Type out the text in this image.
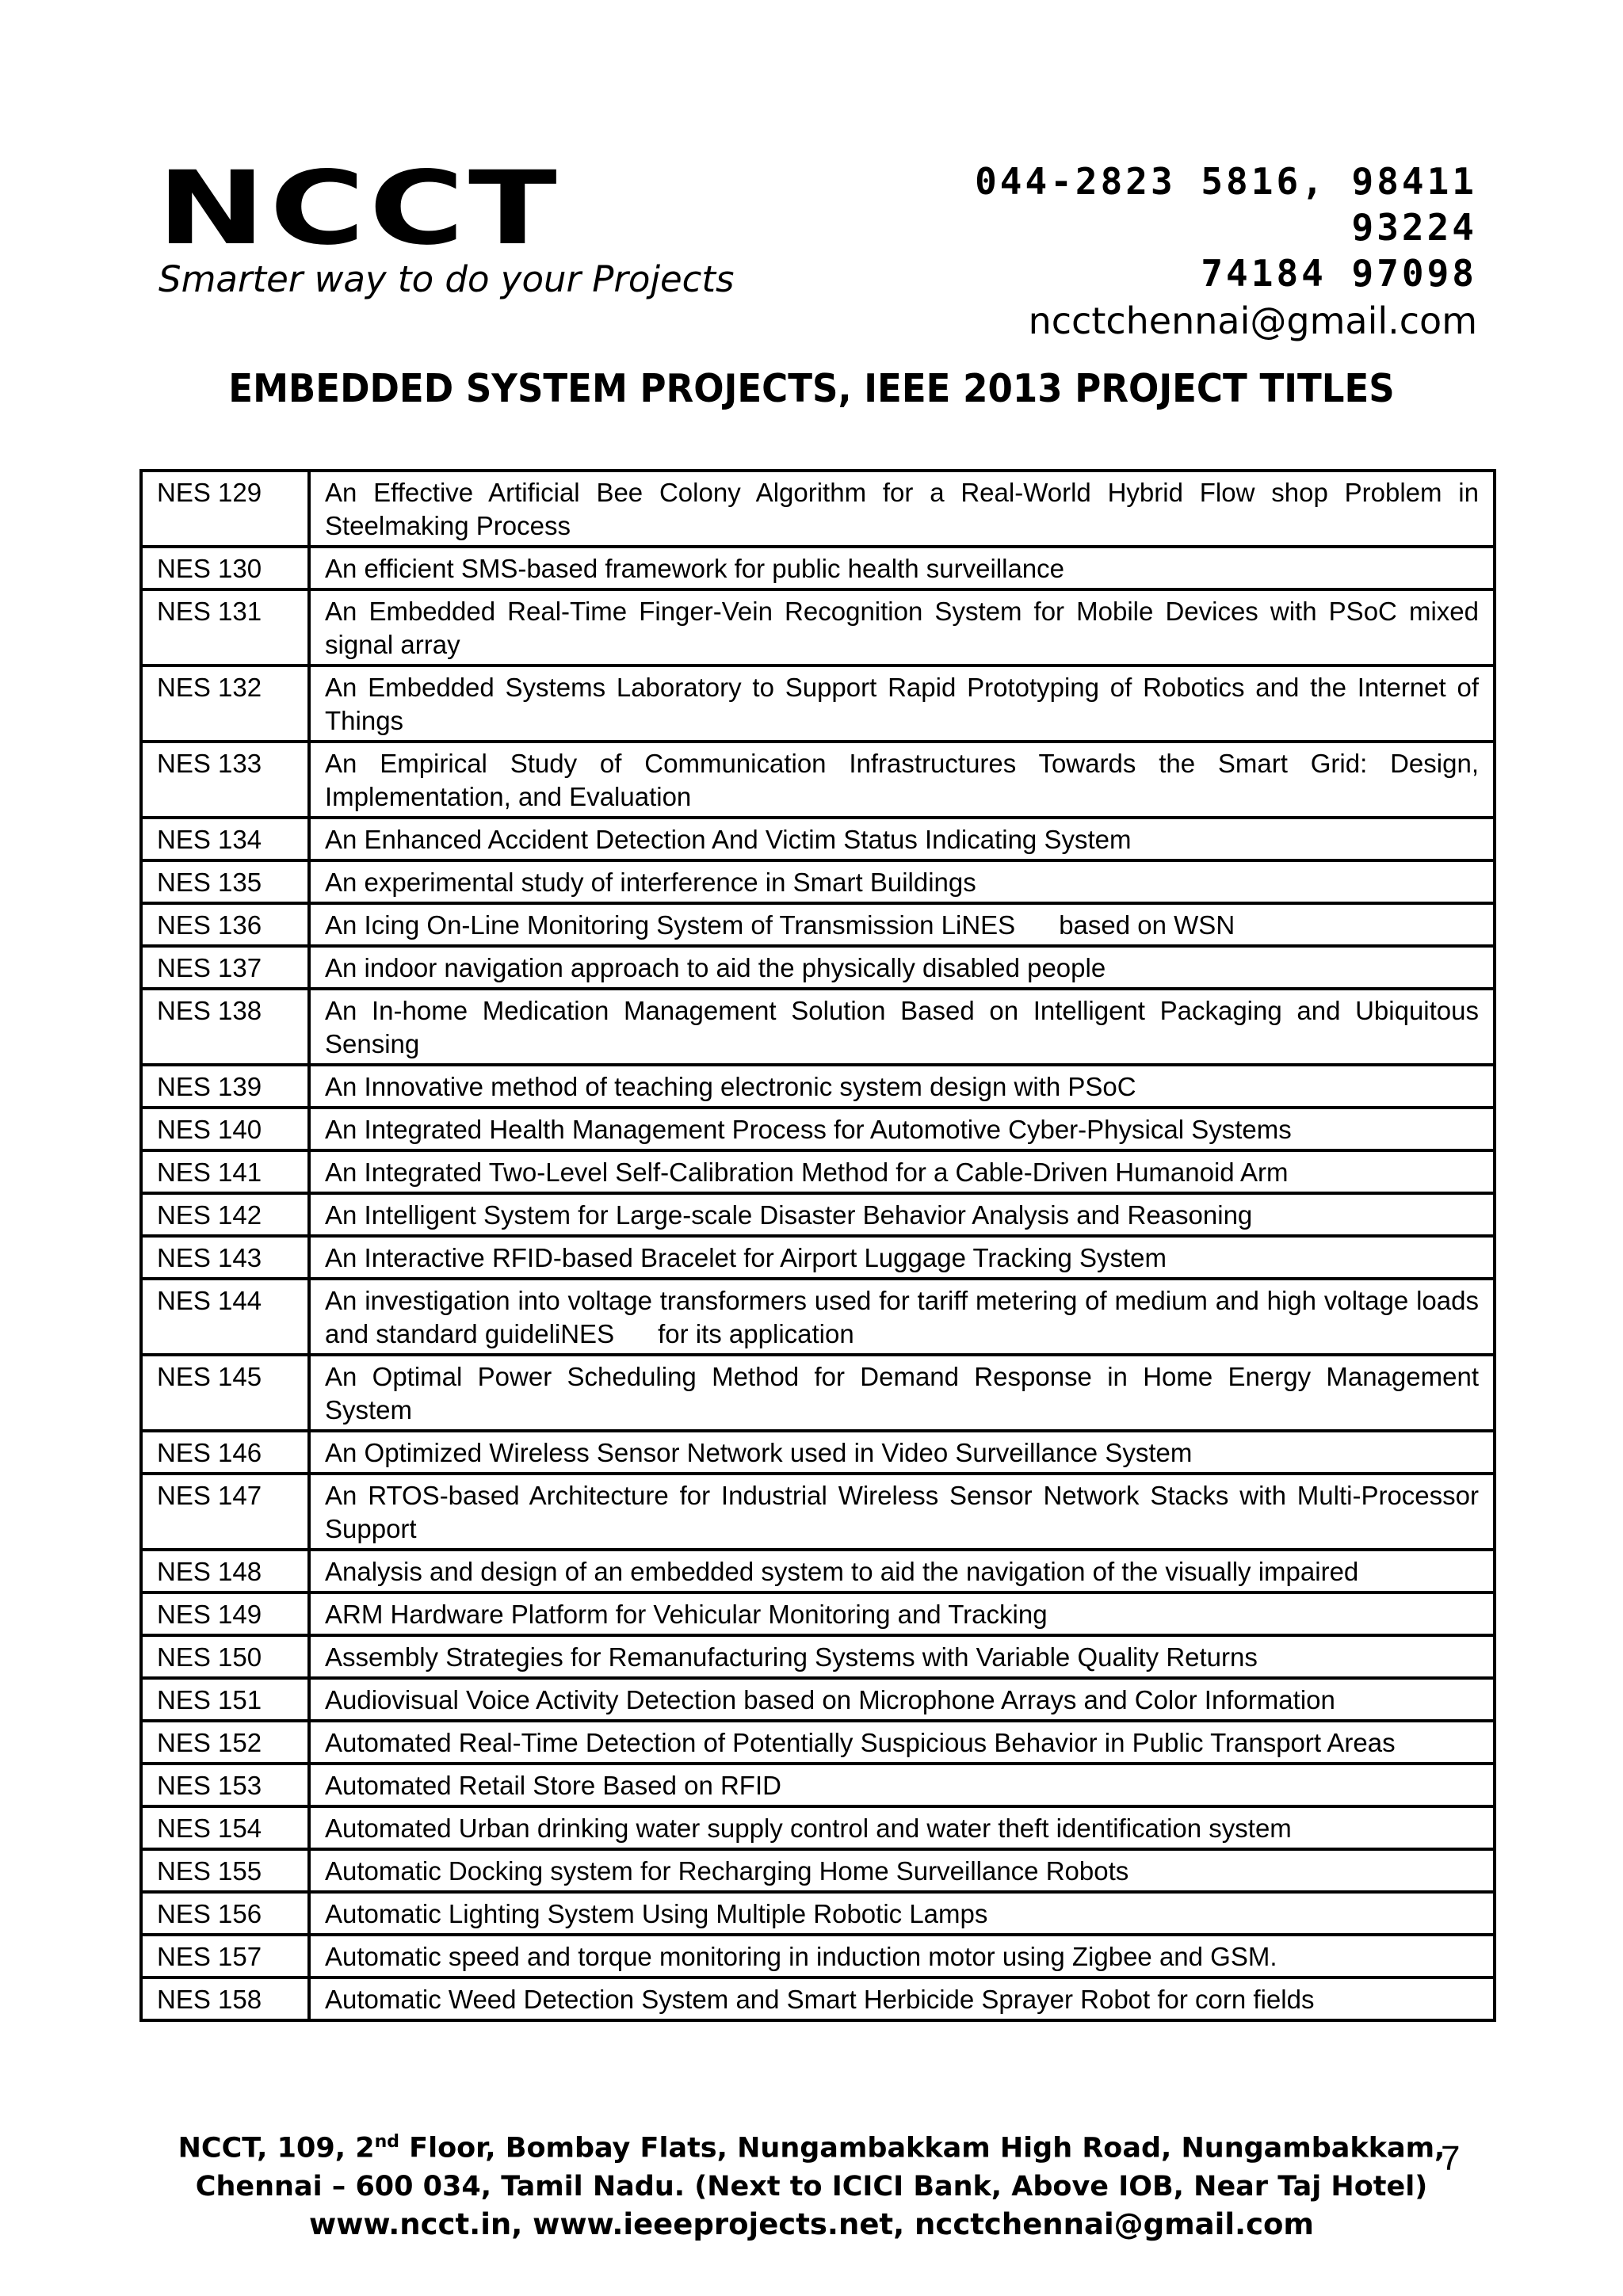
NCCT
Smarter way to do your Projects
044-2823 5816, 98411 93224
74184 97098
ncctchennai@gmail.com
EMBEDDED SYSTEM PROJECTS, IEEE 2013 PROJECT TITLES
NES 129	An Effective Artificial Bee Colony Algorithm for a Real-World Hybrid Flow shop Problem in Steelmaking Process
NES 130	An efficient SMS-based framework for public health surveillance
NES 131	An Embedded Real-Time Finger-Vein Recognition System for Mobile Devices with PSoC mixed signal array
NES 132	An Embedded Systems Laboratory to Support Rapid Prototyping of Robotics and the Internet of Things
NES 133	An Empirical Study of Communication Infrastructures Towards the Smart Grid: Design, Implementation, and Evaluation
NES 134	An Enhanced Accident Detection And Victim Status Indicating System
NES 135	An experimental study of interference in Smart Buildings
NES 136	An Icing On-Line Monitoring System of Transmission LiNES      based on WSN
NES 137	An indoor navigation approach to aid the physically disabled people
NES 138	An In-home Medication Management Solution Based on Intelligent Packaging and Ubiquitous Sensing
NES 139	An Innovative method of teaching electronic system design with PSoC
NES 140	An Integrated Health Management Process for Automotive Cyber-Physical Systems
NES 141	An Integrated Two-Level Self-Calibration Method for a Cable-Driven Humanoid Arm
NES 142	An Intelligent System for Large-scale Disaster Behavior Analysis and Reasoning
NES 143	An Interactive RFID-based Bracelet for Airport Luggage Tracking System
NES 144	An investigation into voltage transformers used for tariff metering of medium and high voltage loads and standard guideliNES      for its application
NES 145	An Optimal Power Scheduling Method for Demand Response in Home Energy Management System
NES 146	An Optimized Wireless Sensor Network used in Video Surveillance System
NES 147	An RTOS-based Architecture for Industrial Wireless Sensor Network Stacks with Multi-Processor Support
NES 148	Analysis and design of an embedded system to aid the navigation of the visually impaired
NES 149	ARM Hardware Platform for Vehicular Monitoring and Tracking
NES 150	Assembly Strategies for Remanufacturing Systems with Variable Quality Returns
NES 151	Audiovisual Voice Activity Detection based on Microphone Arrays and Color Information
NES 152	Automated Real-Time Detection of Potentially Suspicious Behavior in Public Transport Areas
NES 153	Automated Retail Store Based on RFID
NES 154	Automated Urban drinking water supply control and water theft identification system
NES 155	Automatic Docking system for Recharging Home Surveillance Robots
NES 156	Automatic Lighting System Using Multiple Robotic Lamps
NES 157	Automatic speed and torque monitoring in induction motor using Zigbee and GSM.
NES 158	Automatic Weed Detection System and Smart Herbicide Sprayer Robot for corn fields
NCCT, 109, 2nd Floor, Bombay Flats, Nungambakkam High Road, Nungambakkam,
Chennai – 600 034, Tamil Nadu. (Next to ICICI Bank, Above IOB, Near Taj Hotel)
www.ncct.in, www.ieeeprojects.net, ncctchennai@gmail.com
7
